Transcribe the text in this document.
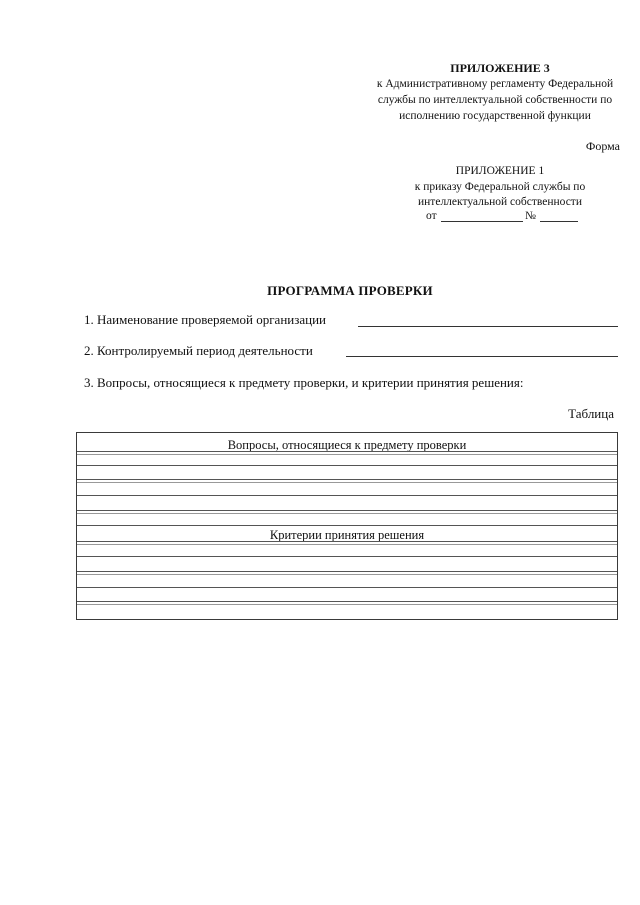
ПРИЛОЖЕНИЕ 3
к Административному регламенту Федеральной
службы по интеллектуальной собственности по
исполнению государственной функции
Форма
ПРИЛОЖЕНИЕ 1
к приказу Федеральной службы по
интеллектуальной собственности
от	№
ПРОГРАММА ПРОВЕРКИ
1. Наименование проверяемой организации
2. Контролируемый период деятельности
3. Вопросы, относящиеся к предмету проверки, и критерии принятия решения:
Таблица
Вопросы, относящиеся к предмету проверки
Критерии принятия решения
